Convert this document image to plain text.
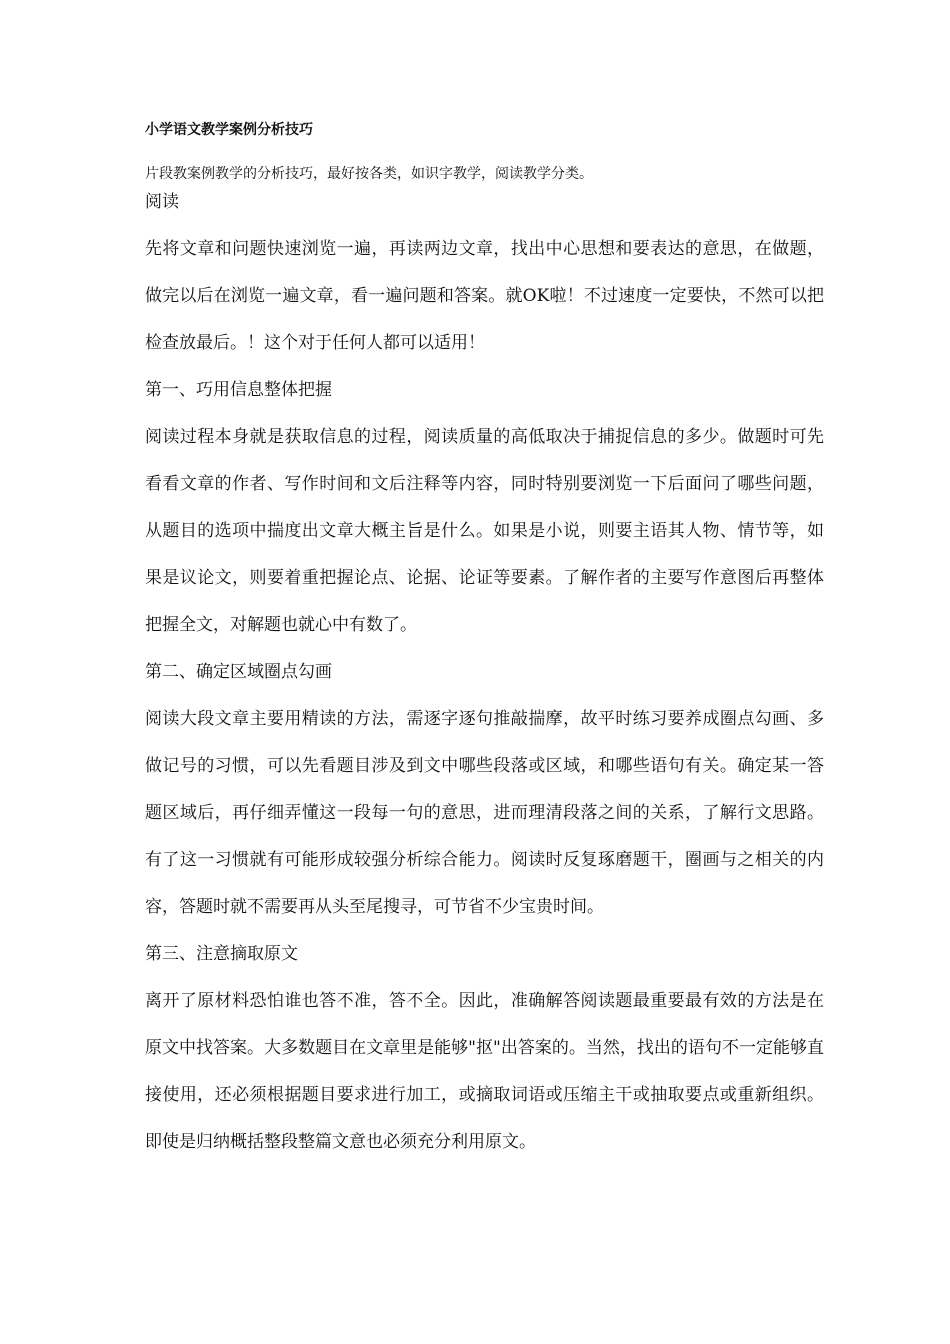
小学语文教学案例分析技巧

片段教案例教学的分析技巧，最好按各类，如识字教学，阅读教学分类。

阅读

先将文章和问题快速浏览一遍，再读两边文章，找出中心思想和要表达的意思，在做题，做完以后在浏览一遍文章，看一遍问题和答案。就OK啦！不过速度一定要快，不然可以把检查放最后。！这个对于任何人都可以适用！

第一、巧用信息整体把握

阅读过程本身就是获取信息的过程，阅读质量的高低取决于捕捉信息的多少。做题时可先看看文章的作者、写作时间和文后注释等内容，同时特别要浏览一下后面问了哪些问题，从题目的选项中揣度出文章大概主旨是什么。如果是小说，则要主语其人物、情节等，如果是议论文，则要着重把握论点、论据、论证等要素。了解作者的主要写作意图后再整体把握全文，对解题也就心中有数了。

第二、确定区域圈点勾画

阅读大段文章主要用精读的方法，需逐字逐句推敲揣摩，故平时练习要养成圈点勾画、多做记号的习惯，可以先看题目涉及到文中哪些段落或区域，和哪些语句有关。确定某一答题区域后，再仔细弄懂这一段每一句的意思，进而理清段落之间的关系，了解行文思路。有了这一习惯就有可能形成较强分析综合能力。阅读时反复琢磨题干，圈画与之相关的内容，答题时就不需要再从头至尾搜寻，可节省不少宝贵时间。

第三、注意摘取原文

离开了原材料恐怕谁也答不准，答不全。因此，准确解答阅读题最重要最有效的方法是在原文中找答案。大多数题目在文章里是能够"抠"出答案的。当然，找出的语句不一定能够直接使用，还必须根据题目要求进行加工，或摘取词语或压缩主干或抽取要点或重新组织。即使是归纳概括整段整篇文意也必须充分利用原文。
